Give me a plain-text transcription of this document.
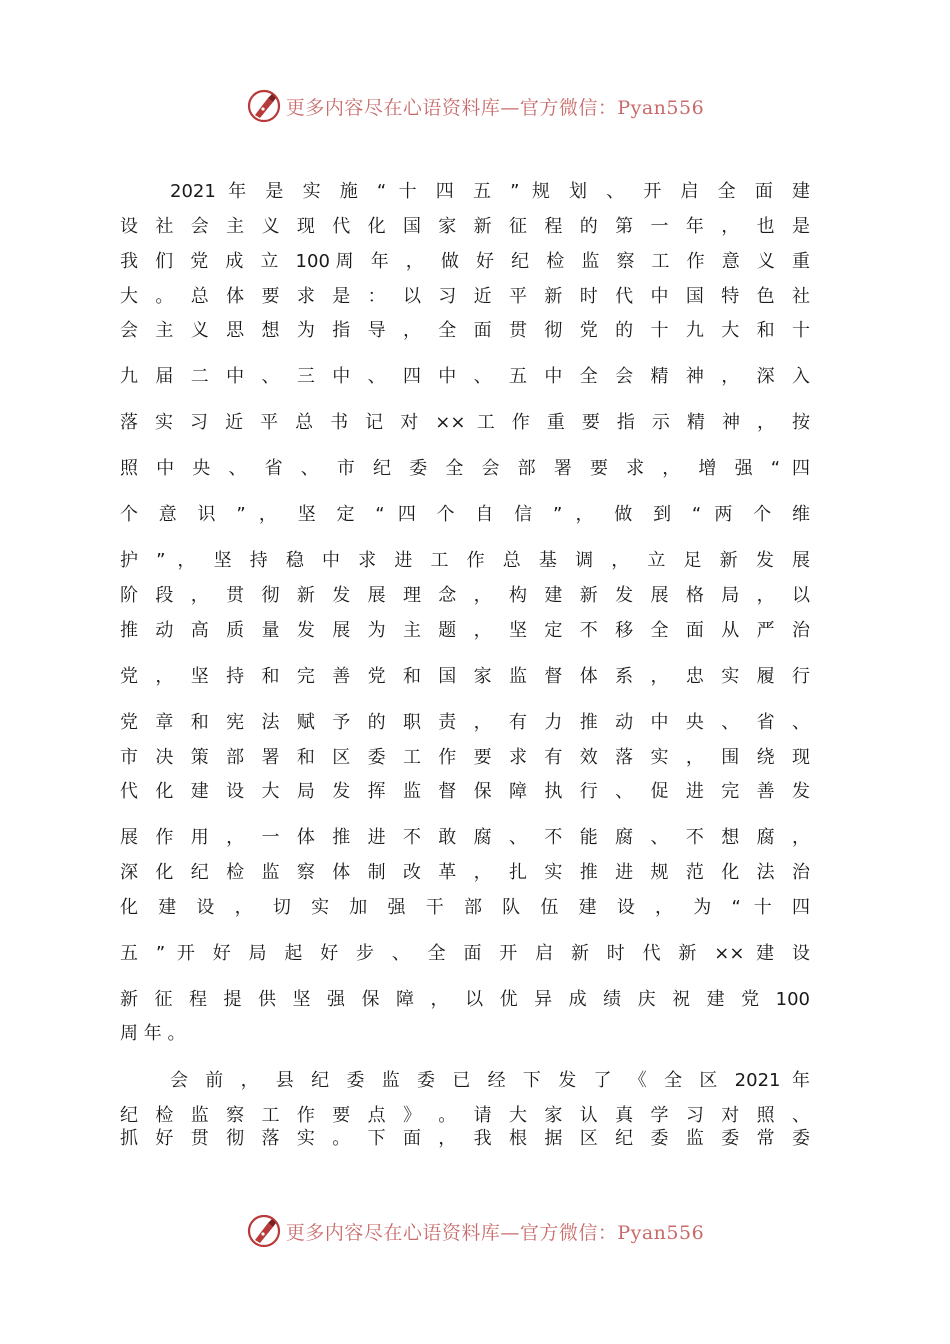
更多内容尽在心语资料库—官方微信：Pyan556
2021 年 是 实 施 “ 十 四 五 ” 规 划 、 开 启 全 面 建
设 社 会 主 义 现 代 化 国 家 新 征 程 的 第 一 年 ， 也 是
我 们 党 成 立 100周 年 ， 做 好 纪 检 监 察 工 作 意 义 重
大 。 总 体 要 求 是 ： 以 习 近 平 新 时 代 中 国 特 色 社
会 主 义 思 想 为 指 导 ， 全 面 贯 彻 党 的 十 九 大 和 十
九 届 二 中 、 三 中 、 四 中 、 五 中 全 会 精 神 ， 深 入
落 实 习 近 平 总 书 记 对 ×× 工 作 重 要 指 示 精 神 ， 按
照 中 央 、 省 、 市 纪 委 全 会 部 署 要 求 ， 增 强 “ 四
个 意 识 ” ， 坚 定 “ 四 个 自 信 ” ， 做 到 “ 两 个 维
护 ” ， 坚 持 稳 中 求 进 工 作 总 基 调 ， 立 足 新 发 展
阶 段 ， 贯 彻 新 发 展 理 念 ， 构 建 新 发 展 格 局 ， 以
推 动 高 质 量 发 展 为 主 题 ， 坚 定 不 移 全 面 从 严 治
党 ， 坚 持 和 完 善 党 和 国 家 监 督 体 系 ， 忠 实 履 行
党 章 和 宪 法 赋 予 的 职 责 ， 有 力 推 动 中 央 、 省 、
市 决 策 部 署 和 区 委 工 作 要 求 有 效 落 实 ， 围 绕 现
代 化 建 设 大 局 发 挥 监 督 保 障 执 行 、 促 进 完 善 发
展 作 用 ， 一 体 推 进 不 敢 腐 、 不 能 腐 、 不 想 腐 ，
深 化 纪 检 监 察 体 制 改 革 ， 扎 实 推 进 规 范 化 法 治
化 建 设 ， 切 实 加 强 干 部 队 伍 建 设 ， 为 “ 十 四
五 ” 开 好 局 起 好 步 、 全 面 开 启 新 时 代 新 ×× 建 设
新 征 程 提 供 坚 强 保 障 ， 以 优 异 成 绩 庆 祝 建 党 100
周 年 。
会 前 ， 县 纪 委 监 委 已 经 下 发 了 《 全 区 2021 年
纪 检 监 察 工 作 要 点 》 。 请 大 家 认 真 学 习 对 照 、
抓 好 贯 彻 落 实 。 下 面 ， 我 根 据 区 纪 委 监 委 常 委
更多内容尽在心语资料库—官方微信：Pyan556
